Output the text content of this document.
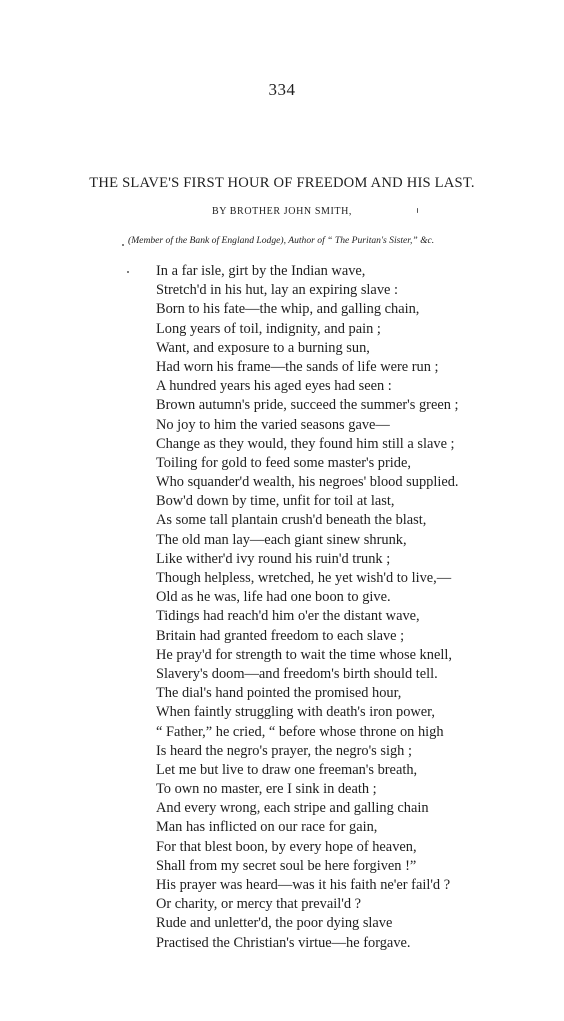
334
THE SLAVE'S FIRST HOUR OF FREEDOM AND HIS LAST.
BY BROTHER JOHN SMITH,
(Member of the Bank of England Lodge), Author of “ The Puritan's Sister,” &c.
In a far isle, girt by the Indian wave,
Stretch'd in his hut, lay an expiring slave :
Born to his fate—the whip, and galling chain,
Long years of toil, indignity, and pain ;
Want, and exposure to a burning sun,
Had worn his frame—the sands of life were run ;
A hundred years his aged eyes had seen :
Brown autumn's pride, succeed the summer's green ;
No joy to him the varied seasons gave—
Change as they would, they found him still a slave ;
Toiling for gold to feed some master's pride,
Who squander'd wealth, his negroes' blood supplied.
Bow'd down by time, unfit for toil at last,
As some tall plantain crush'd beneath the blast,
The old man lay—each giant sinew shrunk,
Like wither'd ivy round his ruin'd trunk ;
Though helpless, wretched, he yet wish'd to live,—
Old as he was, life had one boon to give.
Tidings had reach'd him o'er the distant wave,
Britain had granted freedom to each slave ;
He pray'd for strength to wait the time whose knell,
Slavery's doom—and freedom's birth should tell.
The dial's hand pointed the promised hour,
When faintly struggling with death's iron power,
“ Father,” he cried, “ before whose throne on high
Is heard the negro's prayer, the negro's sigh ;
Let me but live to draw one freeman's breath,
To own no master, ere I sink in death ;
And every wrong, each stripe and galling chain
Man has inflicted on our race for gain,
For that blest boon, by every hope of heaven,
Shall from my secret soul be here forgiven !”
His prayer was heard—was it his faith ne'er fail'd ?
Or charity, or mercy that prevail'd ?
Rude and unletter'd, the poor dying slave
Practised the Christian's virtue—he forgave.
